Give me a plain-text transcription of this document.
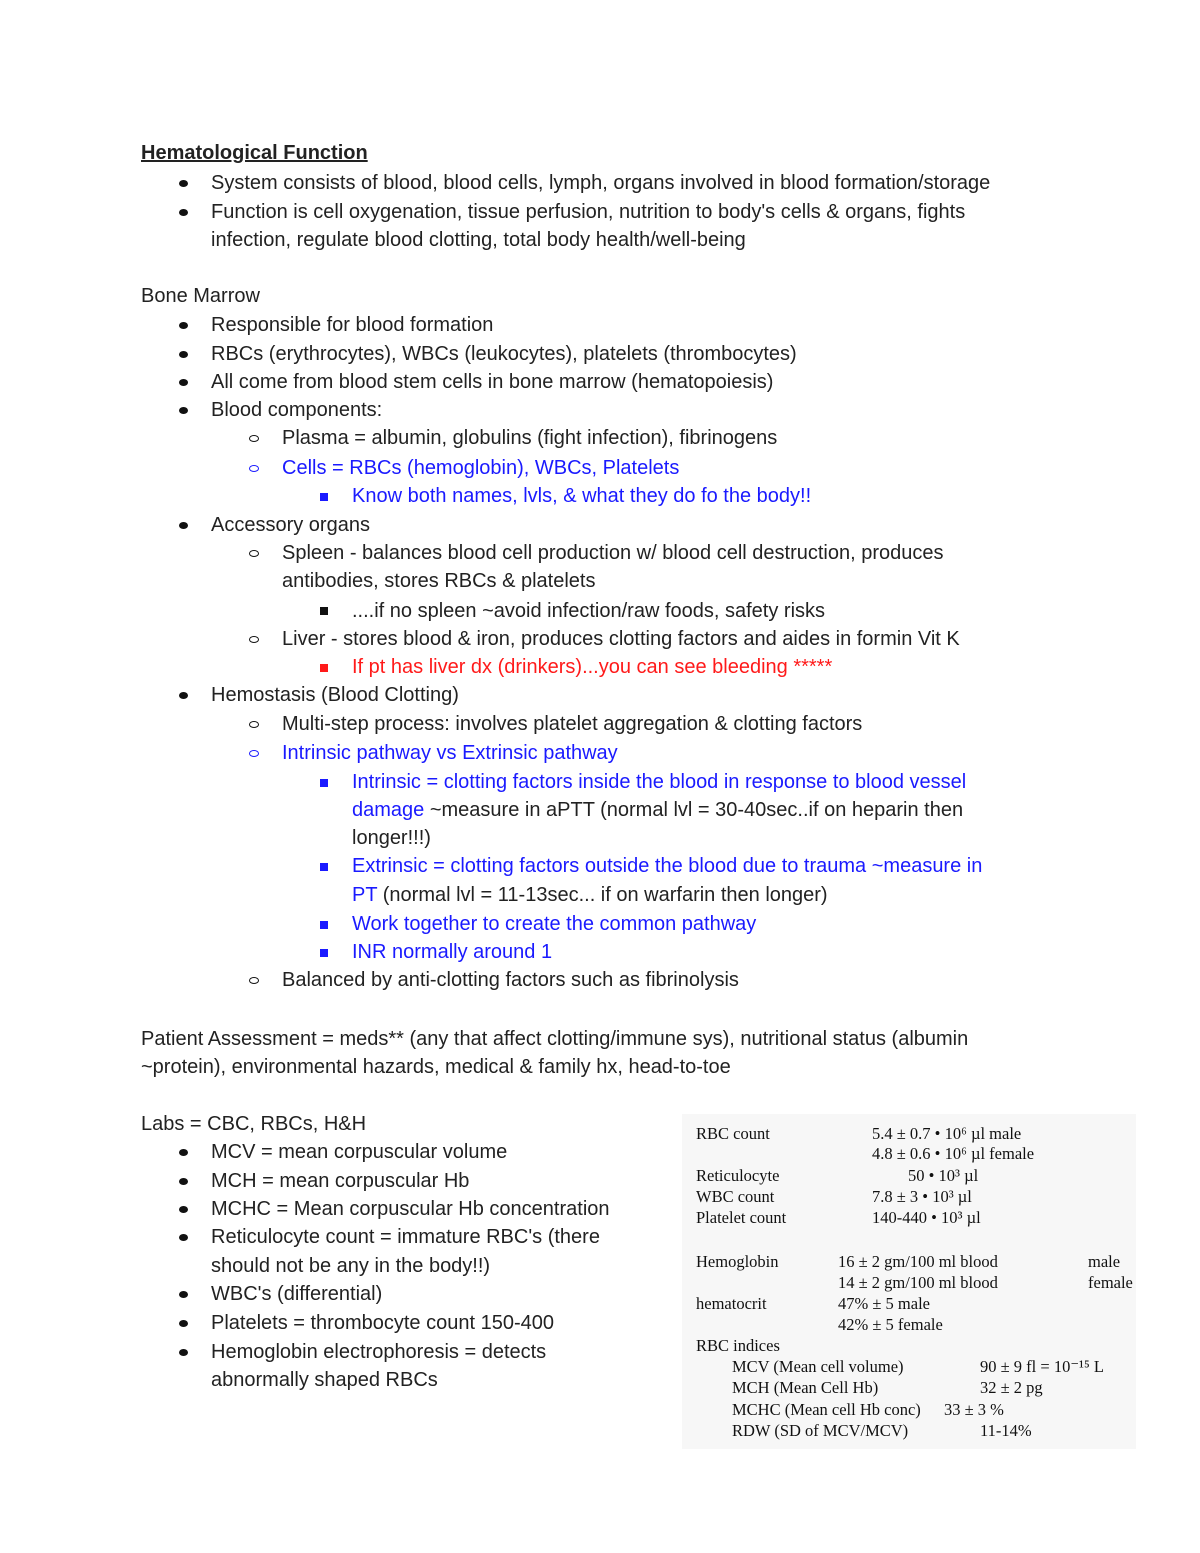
Hematological Function
System consists of blood, blood cells, lymph, organs involved in blood formation/storage
Function is cell oxygenation, tissue perfusion, nutrition to body's cells & organs, fights
infection, regulate blood clotting, total body health/well-being
Bone Marrow
Responsible for blood formation
RBCs (erythrocytes), WBCs (leukocytes), platelets (thrombocytes)
All come from blood stem cells in bone marrow (hematopoiesis)
Blood components:
Plasma = albumin, globulins (fight infection), fibrinogens
Cells = RBCs (hemoglobin), WBCs, Platelets
Know both names, lvls, & what they do fo the body!!
Accessory organs
Spleen - balances blood cell production w/ blood cell destruction, produces
antibodies, stores RBCs & platelets
....if no spleen ~avoid infection/raw foods, safety risks
Liver - stores blood & iron, produces clotting factors and aides in formin Vit K
If pt has liver dx (drinkers)...you can see bleeding *****
Hemostasis (Blood Clotting)
Multi-step process: involves platelet aggregation & clotting factors
Intrinsic pathway vs Extrinsic pathway
Intrinsic = clotting factors inside the blood in response to blood vessel
damage ~measure in aPTT (normal lvl = 30-40sec..if on heparin then
longer!!!)
Extrinsic = clotting factors outside the blood due to trauma ~measure in
PT (normal lvl = 11-13sec... if on warfarin then longer)
Work together to create the common pathway
INR normally around 1
Balanced by anti-clotting factors such as fibrinolysis
Patient Assessment = meds** (any that affect clotting/immune sys), nutritional status (albumin
~protein), environmental hazards, medical & family hx, head-to-toe
Labs = CBC, RBCs, H&H
MCV = mean corpuscular volume
MCH = mean corpuscular Hb
MCHC = Mean corpuscular Hb concentration
Reticulocyte count = immature RBC's (there
should not be any in the body!!)
WBC's (differential)
Platelets = thrombocyte count 150-400
Hemoglobin electrophoresis = detects
abnormally shaped RBCs
RBC count	5.4 ± 0.7 • 10⁶ µl male
4.8 ± 0.6 • 10⁶ µl female
Reticulocyte	50 • 10³ µl
WBC count	7.8 ± 3 • 10³ µl
Platelet count	140-440 • 10³ µl
Hemoglobin	16 ± 2 gm/100 ml blood	male
14 ± 2 gm/100 ml blood	female
hematocrit	47% ± 5 male
42% ± 5 female
RBC indices
MCV (Mean cell volume)	90 ± 9 fl = 10⁻¹⁵ L
MCH (Mean Cell Hb)	32 ± 2 pg
MCHC (Mean cell Hb conc) 33 ± 3 %
RDW (SD of MCV/MCV)	11-14%
